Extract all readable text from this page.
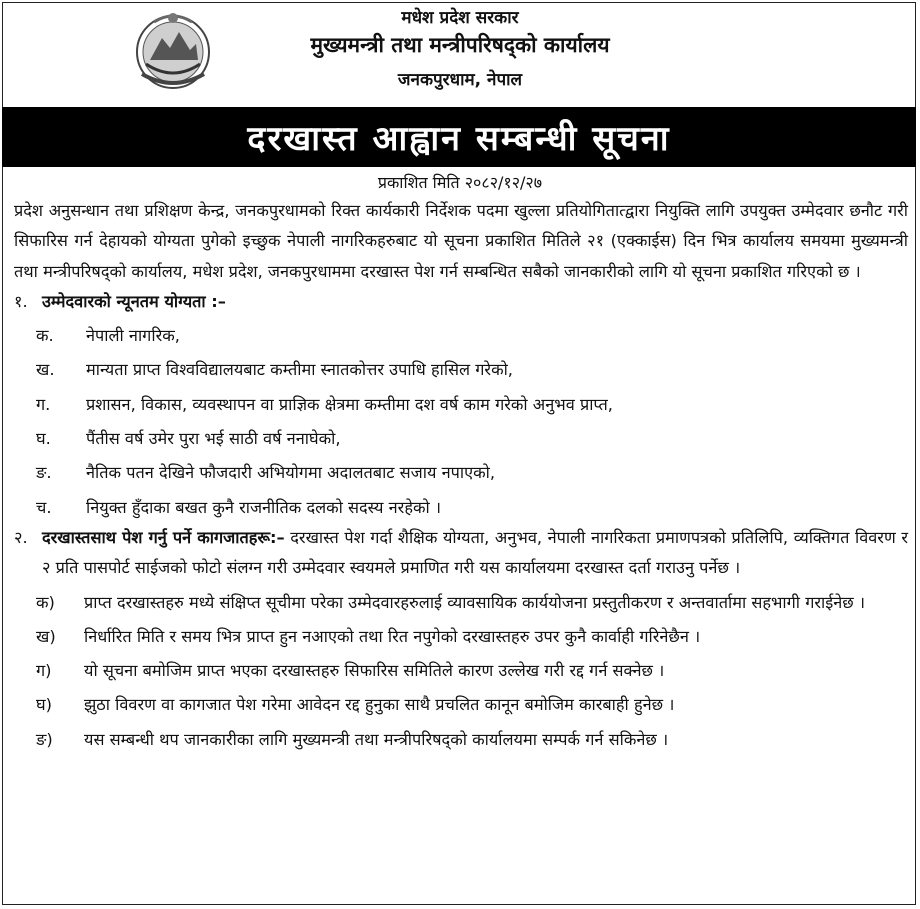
मधेश प्रदेश सरकार
मुख्यमन्त्री तथा मन्त्रीपरिषद्को कार्यालय
जनकपुरधाम, नेपाल
दरखास्त आह्वान सम्बन्धी सूचना
प्रकाशित मिति २०८२/१२/२७
प्रदेश अनुसन्धान तथा प्रशिक्षण केन्द्र, जनकपुरधामको रिक्त कार्यकारी निर्देशक पदमा खुल्ला प्रतियोगितात्द्वारा नियुक्ति लागि उपयुक्त उम्मेदवार छनौट गरी सिफारिस गर्न देहायको योग्यता पुगेको इच्छुक नेपाली नागरिकहरुबाट यो सूचना प्रकाशित मितिले २१ (एक्काईस) दिन भित्र कार्यालय समयमा मुख्यमन्त्री तथा मन्त्रीपरिषद्को कार्यालय, मधेश प्रदेश, जनकपुरधाममा दरखास्त पेश गर्न सम्बन्धित सबैको जानकारीको लागि यो सूचना प्रकाशित गरिएको छ ।
१. उम्मेदवारको न्यूनतम योग्यता :–
क.	नेपाली नागरिक,
ख.	मान्यता प्राप्त विश्वविद्यालयबाट कम्तीमा स्नातकोत्तर उपाधि हासिल गरेको,
ग.	प्रशासन, विकास, व्यवस्थापन वा प्राज्ञिक क्षेत्रमा कम्तीमा दश वर्ष काम गरेको अनुभव प्राप्त,
घ.	पैंतीस वर्ष उमेर पुरा भई साठी वर्ष ननाघेको,
ङ.	नैतिक पतन देखिने फौजदारी अभियोगमा अदालतबाट सजाय नपाएको,
च.	नियुक्त हुँदाका बखत कुनै राजनीतिक दलको सदस्य नरहेको ।
२. दरखास्तसाथ पेश गर्नु पर्ने कागजातहरू:– दरखास्त पेश गर्दा शैक्षिक योग्यता, अनुभव, नेपाली नागरिकता प्रमाणपत्रको प्रतिलिपि, व्यक्तिगत विवरण र २ प्रति पासपोर्ट साईजको फोटो संलग्न गरी उम्मेदवार स्वयमले प्रमाणित गरी यस कार्यालयमा दरखास्त दर्ता गराउनु पर्नेछ ।
क)	प्राप्त दरखास्तहरु मध्ये संक्षिप्त सूचीमा परेका उम्मेदवारहरुलाई व्यावसायिक कार्ययोजना प्रस्तुतीकरण र अन्तवार्तामा सहभागी गराईनेछ ।
ख)	निर्धारित मिति र समय भित्र प्राप्त हुन नआएको तथा रित नपुगेको दरखास्तहरु उपर कुनै कार्वाही गरिनेछैन ।
ग)	यो सूचना बमोजिम प्राप्त भएका दरखास्तहरु सिफारिस समितिले कारण उल्लेख गरी रद्द गर्न सक्नेछ ।
घ)	झुठा विवरण वा कागजात पेश गरेमा आवेदन रद्द हुनुका साथै प्रचलित कानून बमोजिम कारबाही हुनेछ ।
ङ)	यस सम्बन्धी थप जानकारीका लागि मुख्यमन्त्री तथा मन्त्रीपरिषद्को कार्यालयमा सम्पर्क गर्न सकिनेछ ।
